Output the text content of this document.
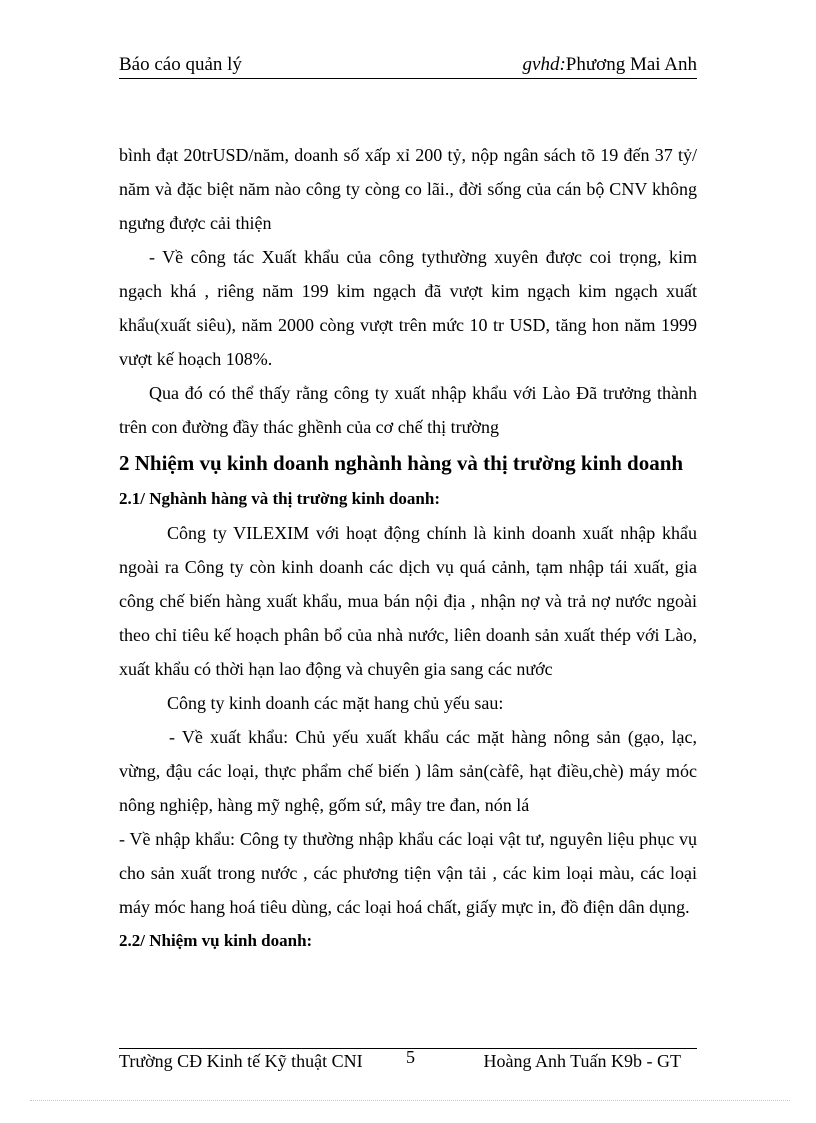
Báo cáo quản lý	gvhd:Phương Mai Anh

bình đạt 20trUSD/năm, doanh số xấp xỉ 200 tỷ, nộp ngân sách tõ 19 đến 37 tỷ/ năm và đặc biệt năm nào công ty còng co lãi., đời sống của cán bộ CNV không ngưng được cải thiện

- Về công tác Xuất khẩu của công tythường xuyên được coi trọng, kim ngạch khá , riêng năm 199 kim ngạch đã vượt kim ngạch kim ngạch xuất khẩu(xuất siêu), năm 2000 còng vượt trên mức 10 tr USD, tăng hon năm 1999 vượt kế hoạch 108%.

Qua đó có thể thấy rằng công ty xuất nhập khẩu với Lào Đã trưởng thành trên con đường đầy thác ghềnh của cơ chế thị trường

2 Nhiệm vụ kinh doanh nghành hàng và thị trường kinh doanh

2.1/ Nghành hàng và thị trường kinh doanh:

Công ty VILEXIM với hoạt động chính là kinh doanh xuất nhập khẩu ngoài ra Công ty còn kinh doanh các dịch vụ quá cảnh, tạm nhập tái xuất, gia công chế biến hàng xuất khẩu, mua bán nội địa , nhận nợ và trả nợ nước ngoài theo chỉ tiêu kế hoạch phân bổ của nhà nước, liên doanh sản xuất thép với Lào, xuất khẩu có thời hạn lao động và chuyên gia sang các nước

Công ty kinh doanh các mặt hang chủ yếu sau:

- Về xuất khẩu: Chủ yếu xuất khẩu các mặt hàng nông sản (gạo, lạc, vừng, đậu các loại, thực phẩm chế biến ) lâm sản(càfê, hạt điều,chè) máy móc nông nghiệp, hàng mỹ nghệ, gốm sứ, mây tre đan, nón lá

- Về nhập khẩu: Công ty thường nhập khẩu các loại vật tư, nguyên liệu phục vụ cho sản xuất trong nước , các phương tiện vận tải , các kim loại màu, các loại máy móc hang hoá tiêu dùng, các loại hoá chất, giấy mực in, đồ điện dân dụng.

2.2/ Nhiệm vụ kinh doanh:

Trường CĐ Kinh tế Kỹ thuật CNI 5	Hoàng Anh Tuấn K9b - GT
